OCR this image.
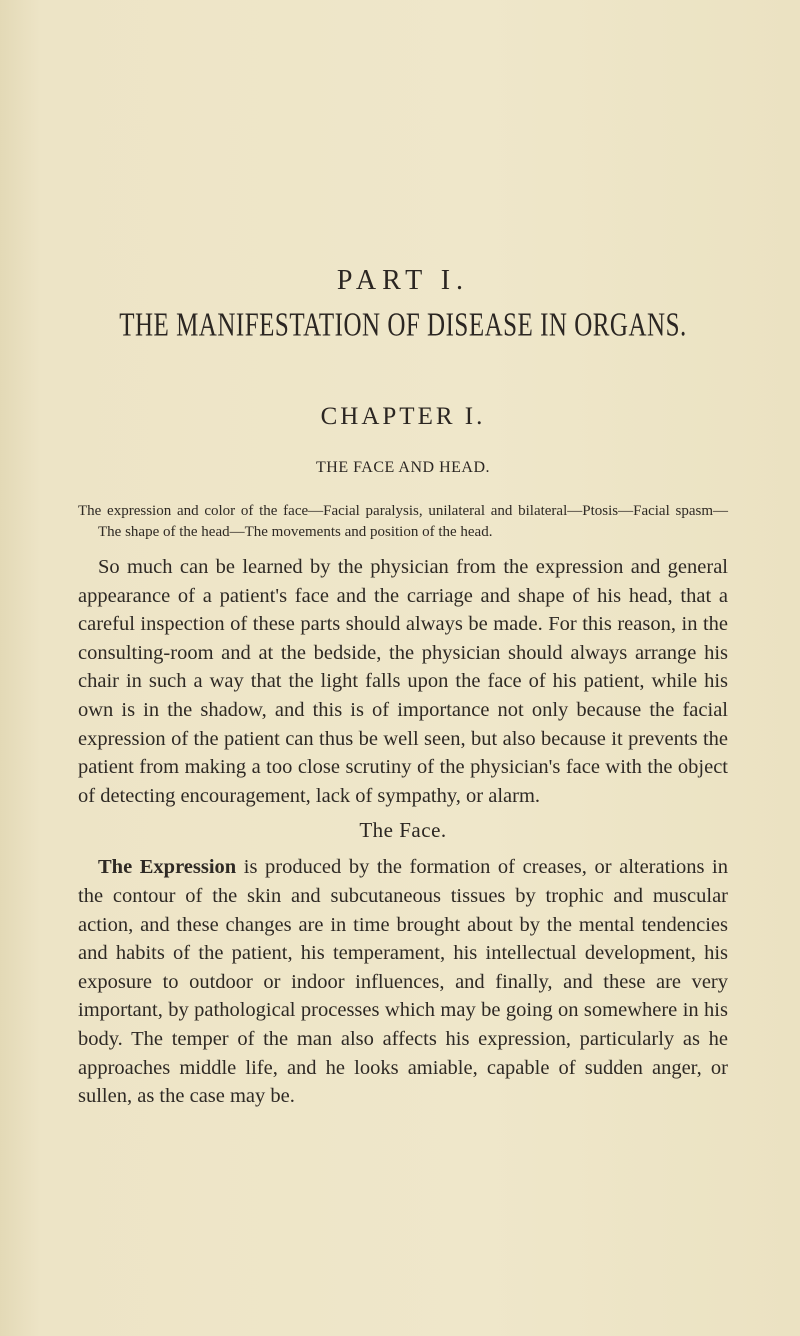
PART I.
THE MANIFESTATION OF DISEASE IN ORGANS.
CHAPTER I.
THE FACE AND HEAD.

The expression and color of the face—Facial paralysis, unilateral and bilateral—Ptosis—Facial spasm—The shape of the head—The movements and position of the head.

So much can be learned by the physician from the expression and general appearance of a patient's face and the carriage and shape of his head, that a careful inspection of these parts should always be made. For this reason, in the consulting-room and at the bedside, the physician should always arrange his chair in such a way that the light falls upon the face of his patient, while his own is in the shadow, and this is of importance not only because the facial expression of the patient can thus be well seen, but also because it prevents the patient from making a too close scrutiny of the physician's face with the object of detecting encouragement, lack of sympathy, or alarm.

The Face.

The Expression is produced by the formation of creases, or alterations in the contour of the skin and subcutaneous tissues by trophic and muscular action, and these changes are in time brought about by the mental tendencies and habits of the patient, his temperament, his intellectual development, his exposure to outdoor or indoor influences, and finally, and these are very important, by pathological processes which may be going on somewhere in his body. The temper of the man also affects his expression, particularly as he approaches middle life, and he looks amiable, capable of sudden anger, or sullen, as the case may be.
